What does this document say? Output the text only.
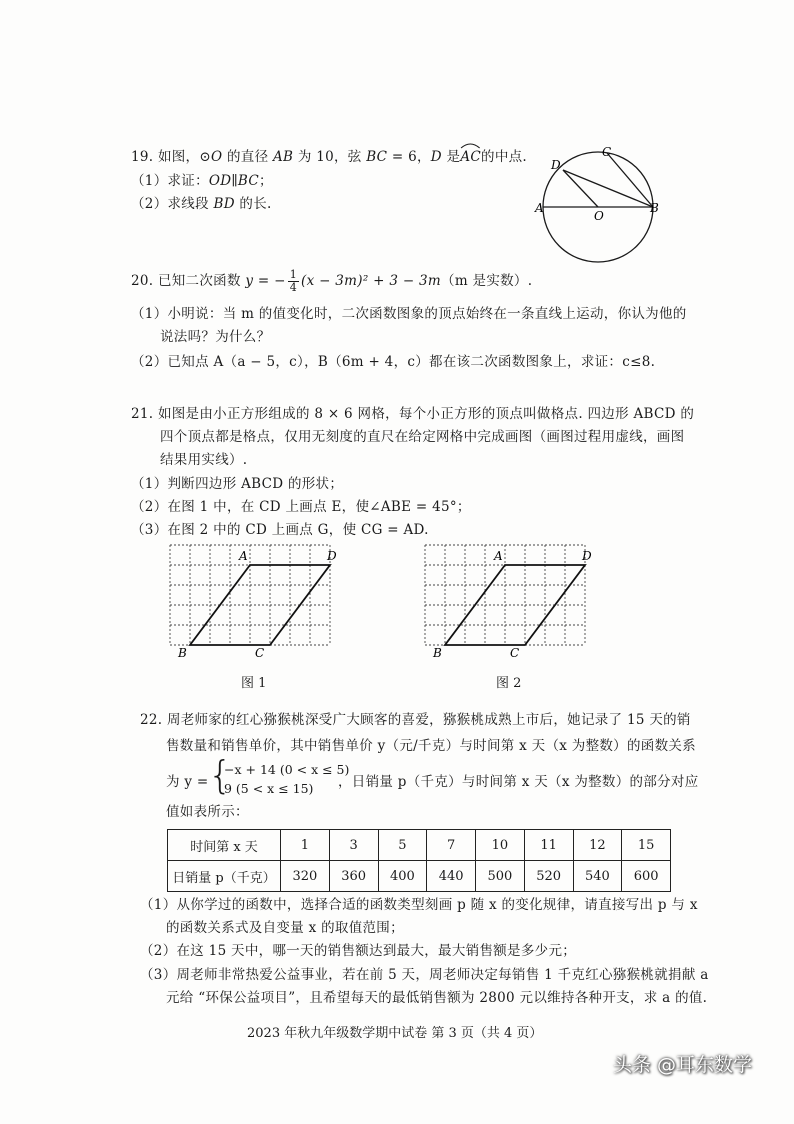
19. 如图，⊙O 的直径 AB 为 10，弦 BC = 6，D 是
AC的中点.
（1）求证：OD∥BC；
（2）求线段 BD 的长.
D
C
A
O
B
20. 已知二次函数 y = − $\frac{1}{4} (x - 3m)^2 + 3 - 3m(m$ 是实数）.
（1）小明说：当 m 的值变化时，二次函数图象的顶点始终在一条直线上运动，你认为他的
说法吗？为什么？
（2）已知点 A（a − 5，c），B（6m + 4，c）都在该二次函数图象上，求证：c≤8.
21. 如图是由小正方形组成的 8 × 6 网格，每个小正方形的顶点叫做格点. 四边形 ABCD 的
四个顶点都是格点，仅用无刻度的直尺在给定网格中完成画图（画图过程用虚线，画图
结果用实线）.
（1）判断四边形 ABCD 的形状；
（2）在图 1 中，在 CD 上画点 E，使∠ABE = 45°；
（3）在图 2 中的 CD 上画点 G，使 CG = AD.
A	D
B	C
图 1
A	D
B	C
图 2
22. 周老师家的红心猕猴桃深受广大顾客的喜爱，猕猴桃成熟上市后，她记录了 15 天的销
售数量和销售单价，其中销售单价 y（元/千克）与时间第 x 天（x 为整数）的函数关系
为 y = {
−x + 14 (0 < x ≤ 5)
9 (5 < x ≤ 15) ，日销量 p（千克）与时间第 x 天（x 为整数）的部分对应
值如表所示：
时间第 x 天	1	3	5	7	10	11	12	15
日销量 p（千克）	320	360	400	440	500	520	540	600
（1）从你学过的函数中，选择合适的函数类型刻画 p 随 x 的变化规律，请直接写出 p 与 x
的函数关系式及自变量 x 的取值范围；
（2）在这 15 天中，哪一天的销售额达到最大，最大销售额是多少元；
（3）周老师非常热爱公益事业，若在前 5 天，周老师决定每销售 1 千克红心猕猴桃就捐献 a
元给 “环保公益项目”，且希望每天的最低销售额为 2800 元以维持各种开支，求 a 的值.
2023 年秋九年级数学期中试卷 第 3 页（共 4 页）
头条 @耳东数学
